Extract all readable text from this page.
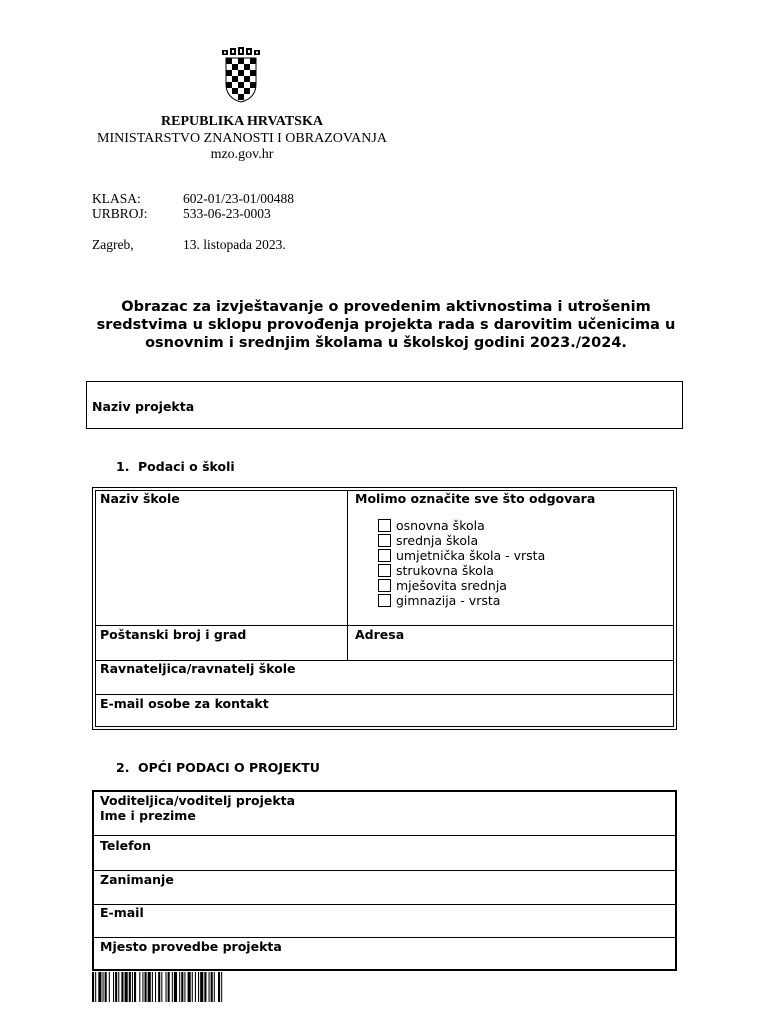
REPUBLIKA HRVATSKA
MINISTARSTVO ZNANOSTI I OBRAZOVANJA
mzo.gov.hr
KLASA:	602-01/23-01/00488
URBROJ:	533-06-23-0003
Zagreb,	13. listopada 2023.
Obrazac za izvještavanje o provedenim aktivnostima i utrošenim
sredstvima u sklopu provođenja projekta rada s darovitim učenicima u
osnovnim i srednjim školama u školskoj godini 2023./2024.
Naziv projekta
1. Podaci o školi
Naziv škole	Molimo označite sve što odgovara
osnovna škola
srednja škola
umjetnička škola - vrsta
strukovna škola
mješovita srednja
gimnazija - vrsta
Poštanski broj i grad	Adresa
Ravnateljica/ravnatelj škole
E-mail osobe za kontakt
2. OPĆI PODACI O PROJEKTU
Voditeljica/voditelj projekta
Ime i prezime
Telefon
Zanimanje
E-mail
Mjesto provedbe projekta
